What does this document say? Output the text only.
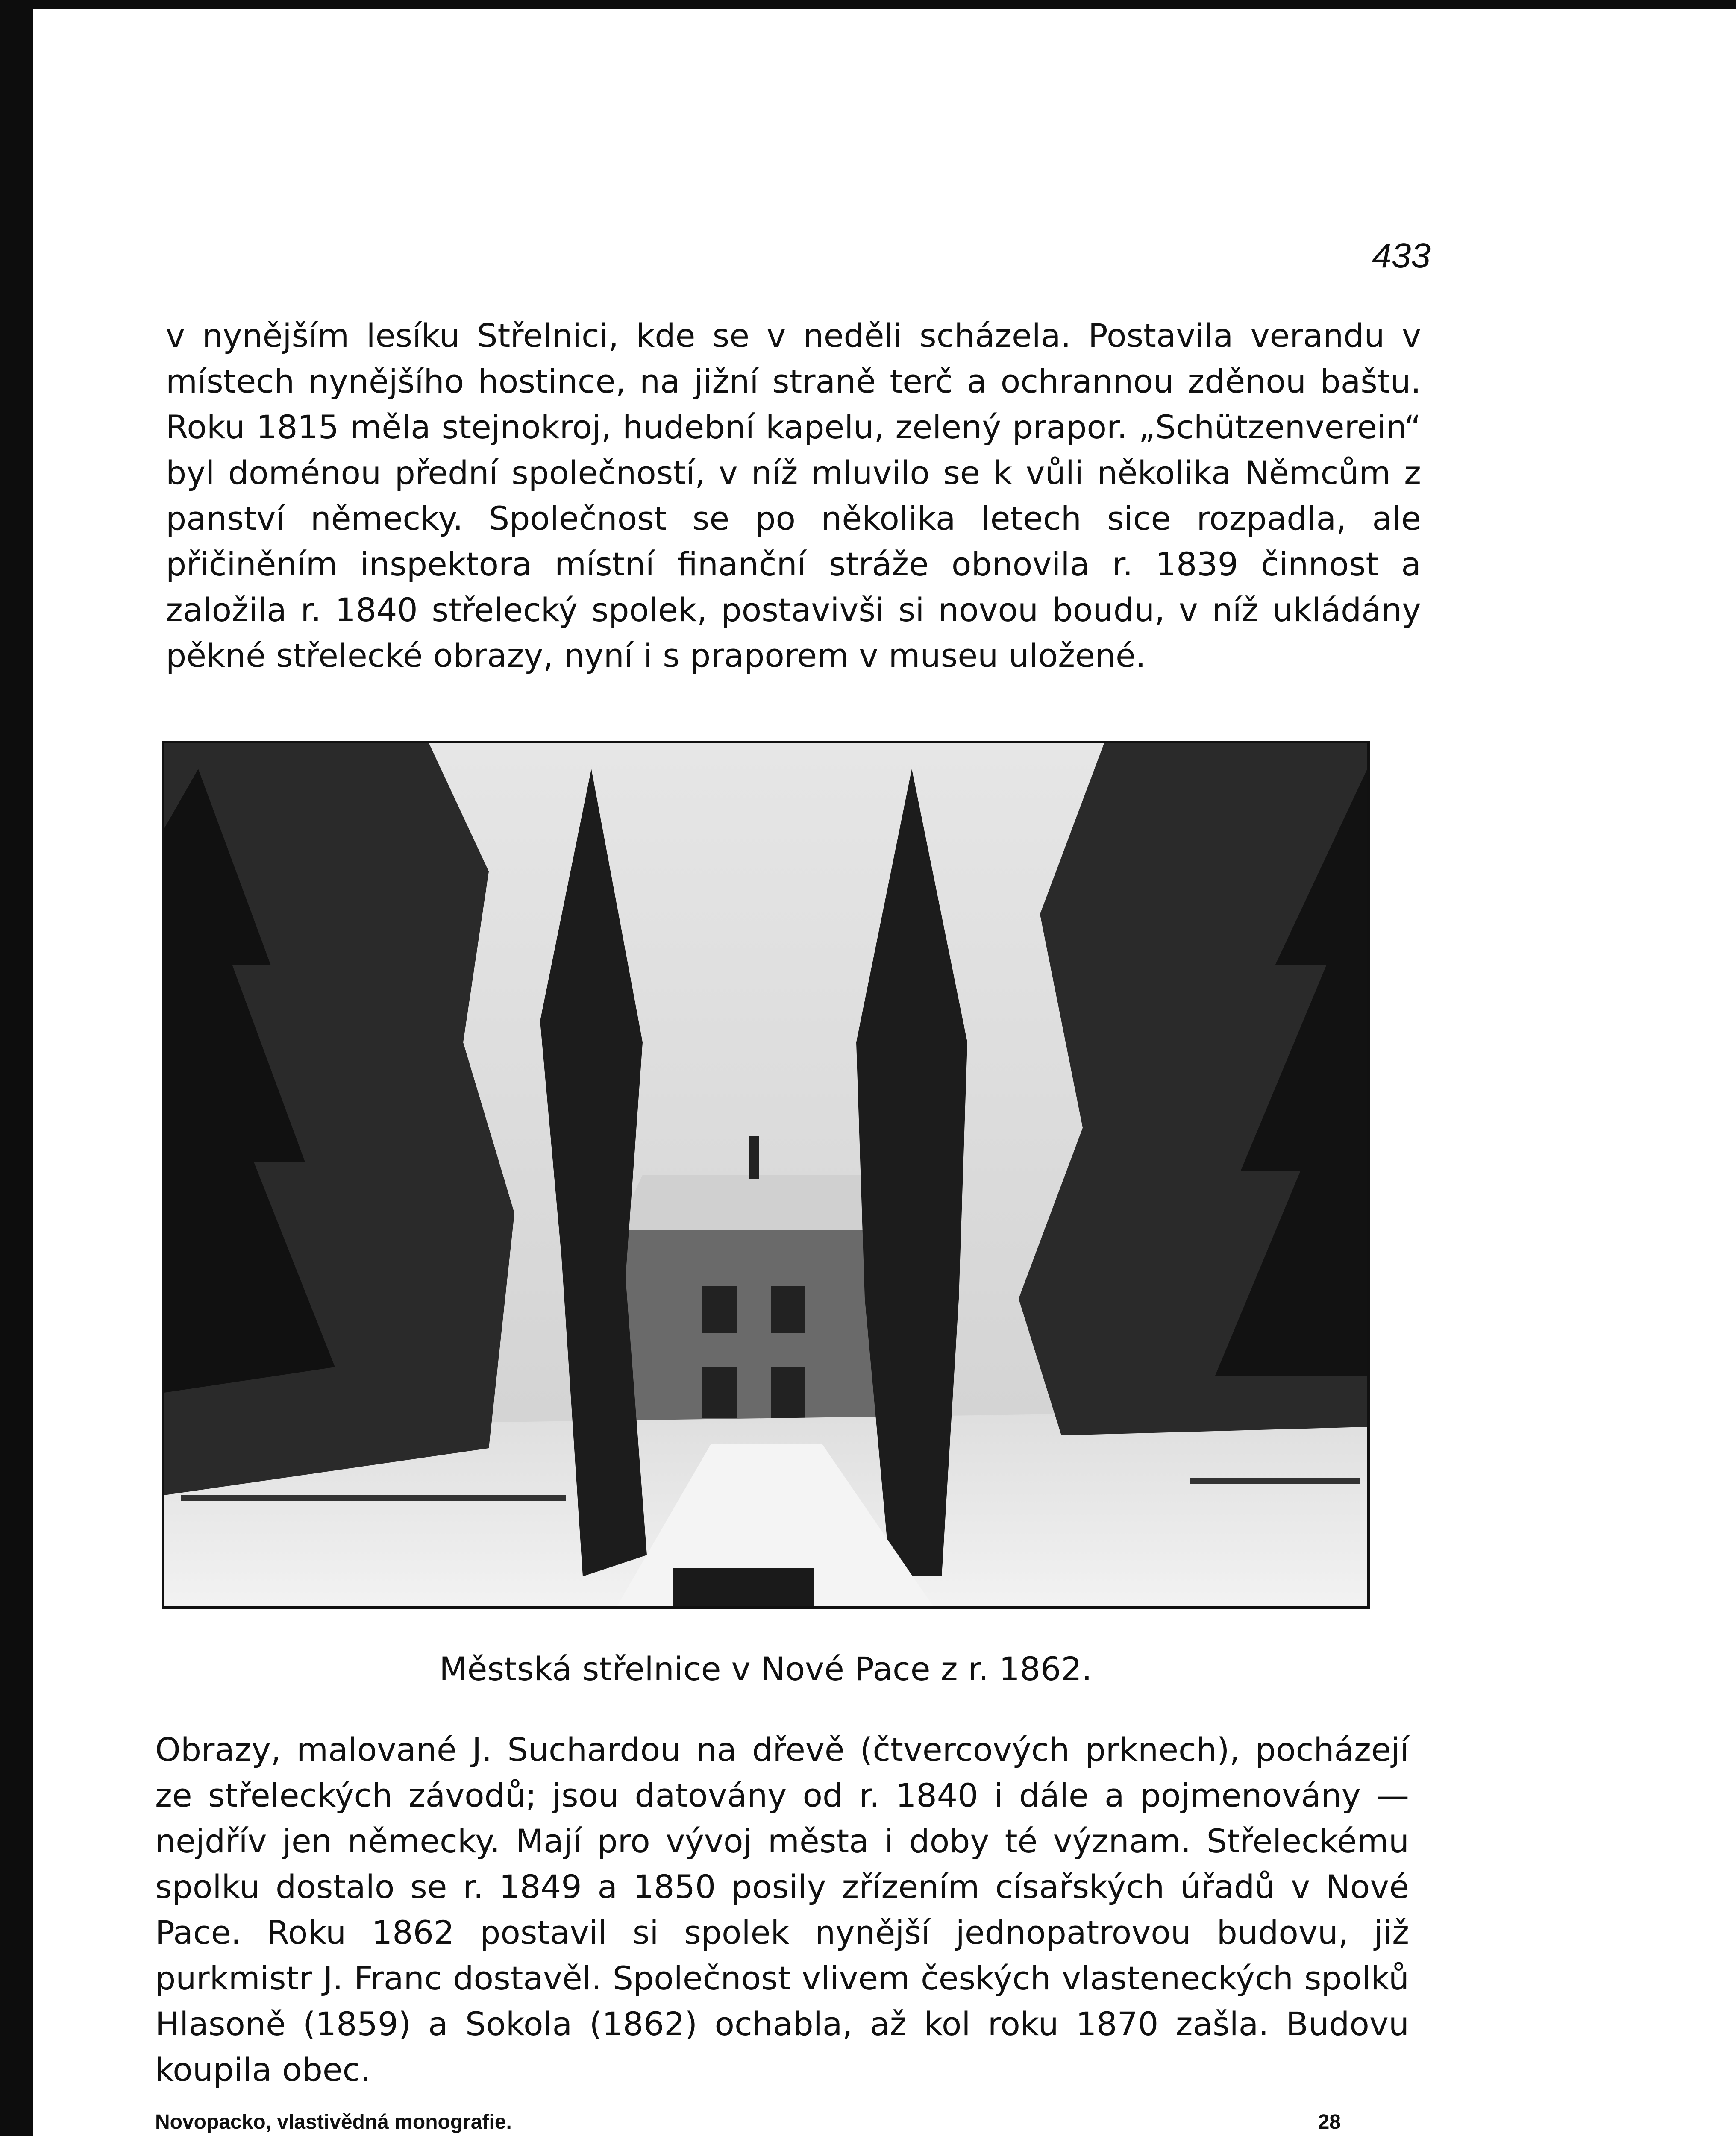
433

v nynějším lesíku Střelnici, kde se v neděli scházela. Postavila verandu v místech nynějšího hostince, na jižní straně terč a ochrannou zděnou baštu. Roku 1815 měla stejnokroj, hudební kapelu, zelený prapor. „Schützenverein“ byl doménou přední společností, v níž mluvilo se k vůli několika Němcům z panství německy. Společnost se po několika letech sice rozpadla, ale přičiněním inspektora místní finanční stráže obnovila r. 1839 činnost a založila r. 1840 střelecký spolek, postavivši si novou boudu, v níž ukládány pěkné střelecké obrazy, nyní i s praporem v museu uložené.

Městská střelnice v Nové Pace z r. 1862.

Obrazy, malované J. Suchardou na dřevě (čtvercových prknech), pocházejí ze střeleckých závodů; jsou datovány od r. 1840 i dále a pojmenovány — nejdřív jen německy. Mají pro vývoj města i doby té význam. Střeleckému spolku dostalo se r. 1849 a 1850 posily zřízením císařských úřadů v Nové Pace. Roku 1862 postavil si spolek nynější jednopatrovou budovu, již purkmistr J. Franc dostavěl. Společnost vlivem českých vlasteneckých spolků Hlasoně (1859) a Sokola (1862) ochabla, až kol roku 1870 zašla. Budovu koupila obec.

Novopacko, vlastivědná monografie.	28
